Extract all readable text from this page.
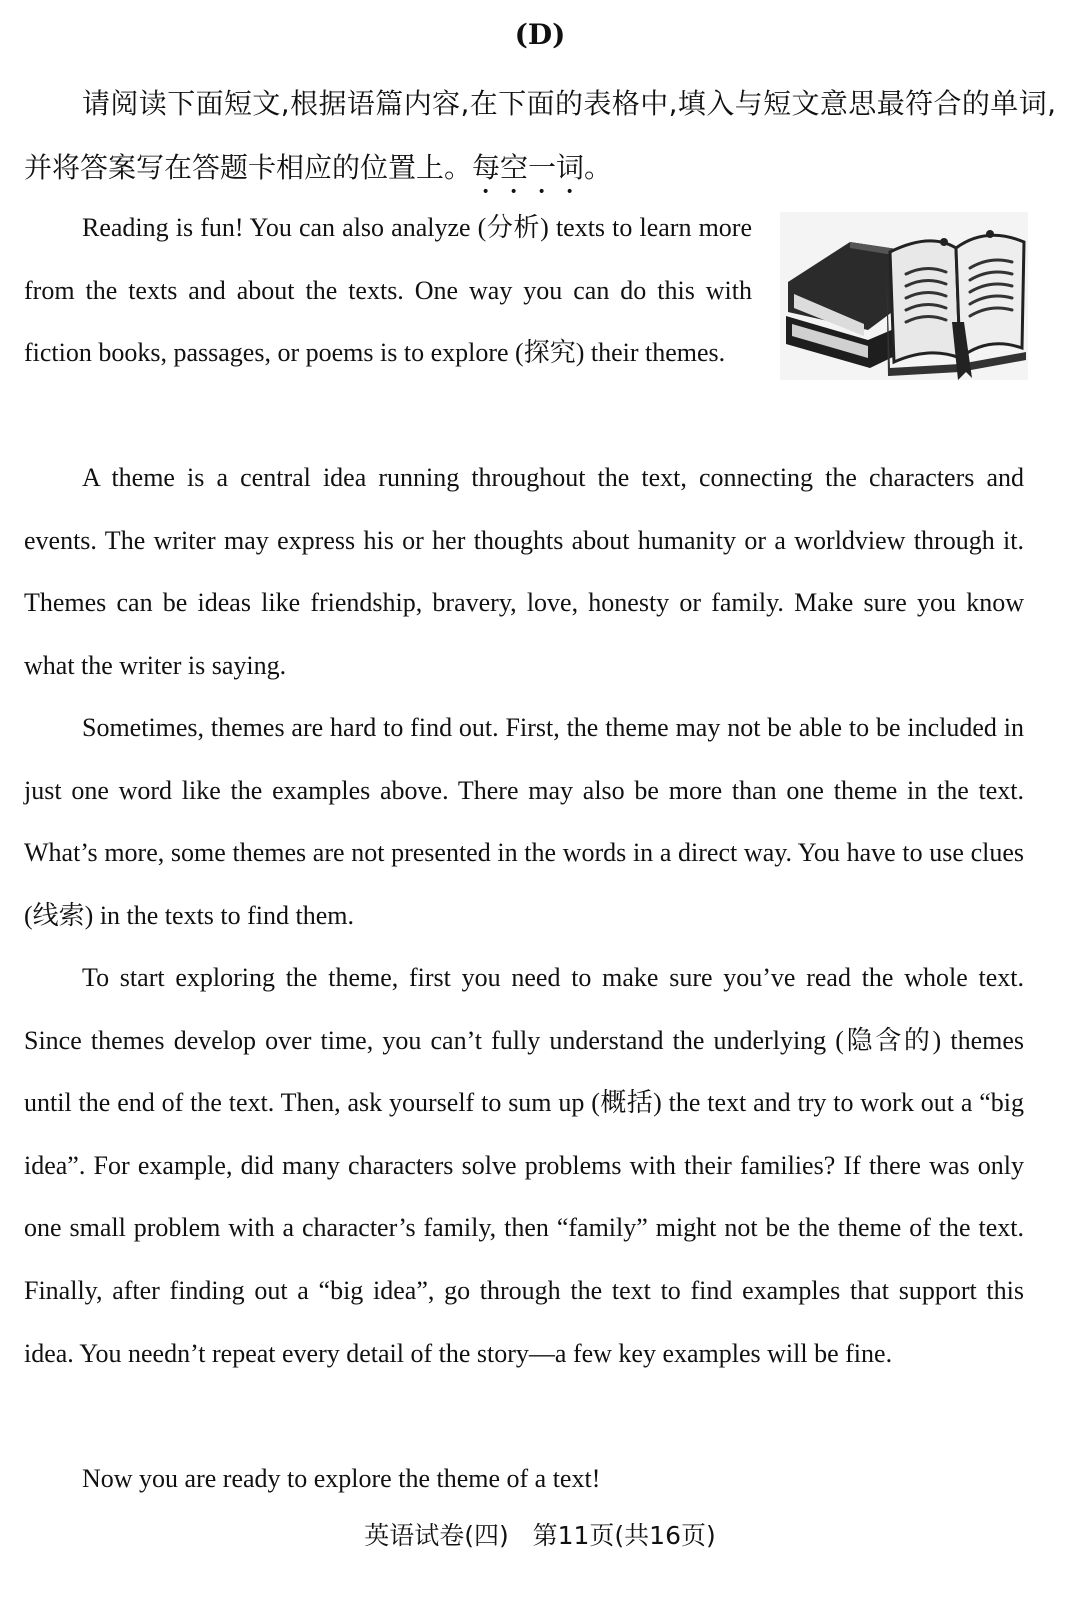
(D)

请阅读下面短文,根据语篇内容,在下面的表格中,填入与短文意思最符合的单词,并将答案写在答题卡相应的位置上。每空一词。

Reading is fun! You can also analyze (分析) texts to learn more from the texts and about the texts. One way you can do this with fiction books, passages, or poems is to explore (探究) their themes.

A theme is a central idea running throughout the text, connecting the characters and events. The writer may express his or her thoughts about humanity or a worldview through it. Themes can be ideas like friendship, bravery, love, honesty or family. Make sure you know what the writer is saying.

Sometimes, themes are hard to find out. First, the theme may not be able to be included in just one word like the examples above. There may also be more than one theme in the text. What’s more, some themes are not presented in the words in a direct way. You have to use clues (线索) in the texts to find them.

To start exploring the theme, first you need to make sure you’ve read the whole text. Since themes develop over time, you can’t fully understand the underlying (隐含的) themes until the end of the text. Then, ask yourself to sum up (概括) the text and try to work out a “big idea”. For example, did many characters solve problems with their families? If there was only one small problem with a character’s family, then “family” might not be the theme of the text. Finally, after finding out a “big idea”, go through the text to find examples that support this idea. You needn’t repeat every detail of the story—a few key examples will be fine.

Now you are ready to explore the theme of a text!

英语试卷(四) 第11页(共16页)
